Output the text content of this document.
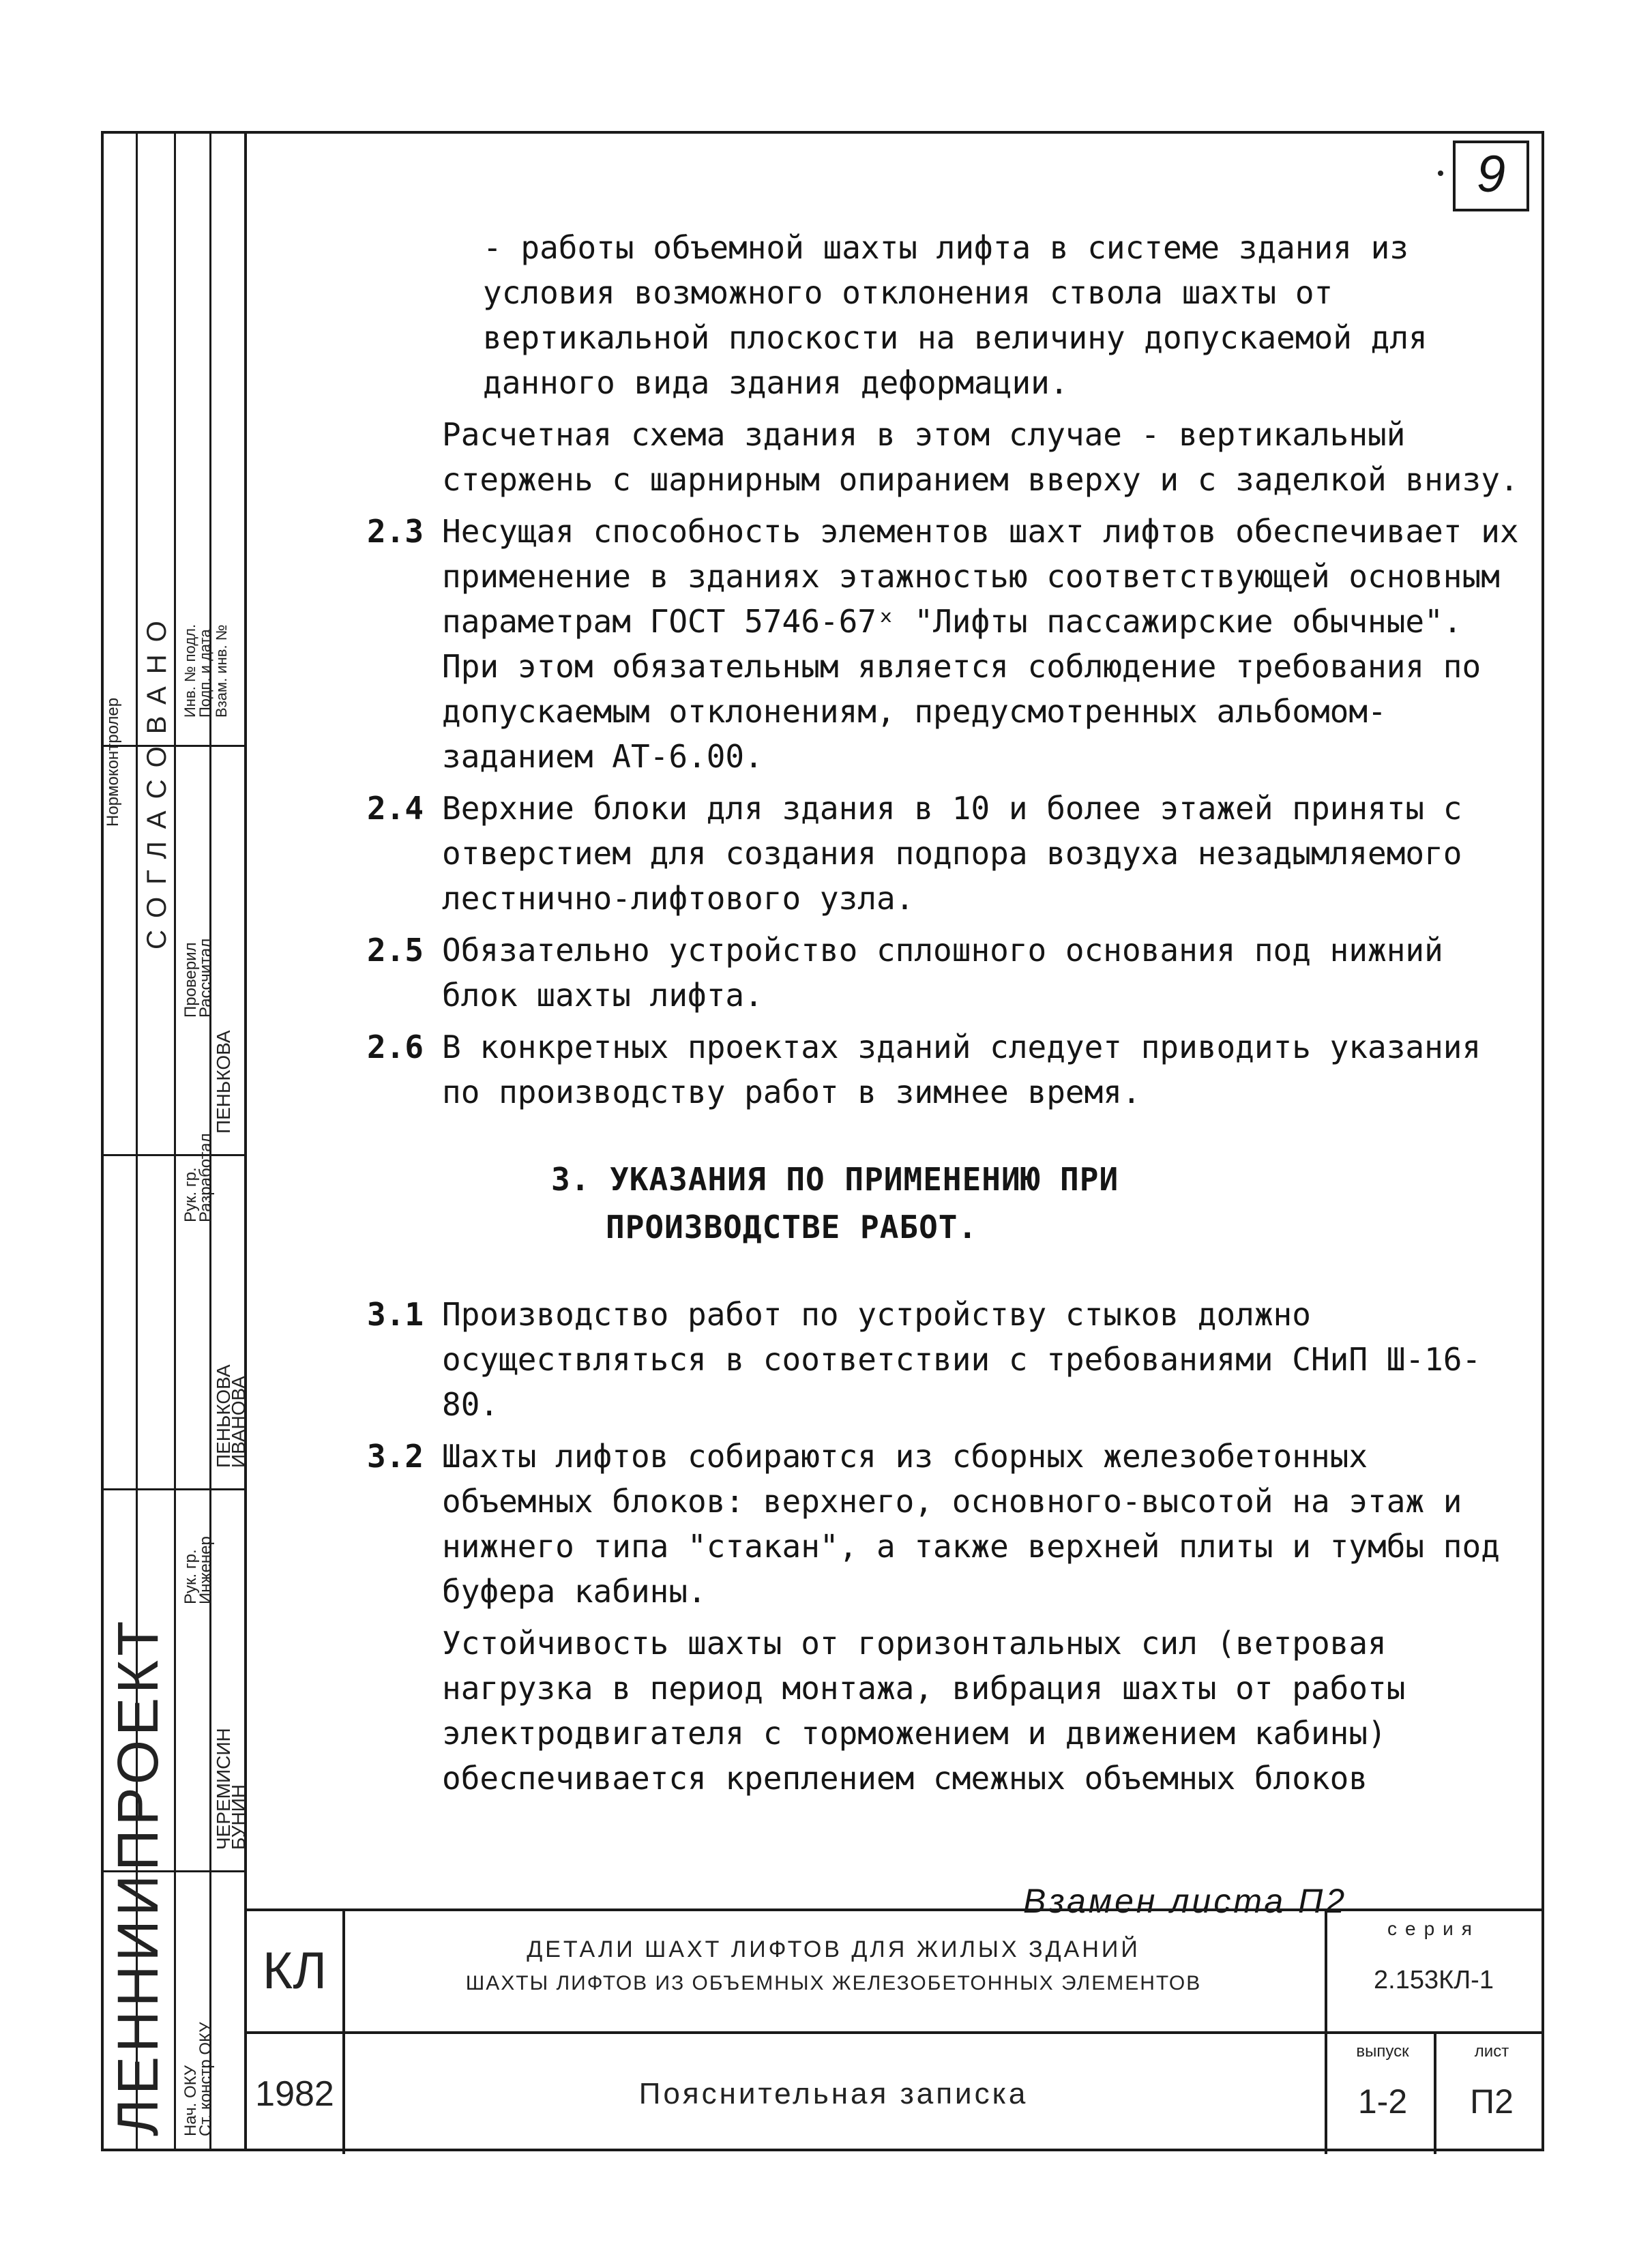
ЛЕННИИПРОЕКТ Нач. ОКУ
Ст. констр ОКУ
Рук. гр.
Инженер
Рук. гр.
Разработал
Проверил
Рассчитал
ЧЕРЕМИСИН
БУНИН
ПЕНЬКОВА
ИВАНОВА
ПЕНЬКОВА
СОГЛАСОВАНО
Нормоконтролер
Инв. № подл.
Подп. и дата Взам. инв. №
9

- работы объемной шахты лифта в системе здания из условия возможного отклонения ствола шахты от вертикальной плоскости на величину допускаемой для данного вида здания деформации.

Расчетная схема здания в этом случае - вертикальный стержень с шарнирным опиранием вверху и с заделкой внизу.

2.3 Несущая способность элементов шахт лифтов обеспечивает их применение в зданиях этажностью соответствующей основным параметрам ГОСТ 5746-67ˣ "Лифты пассажирские обычные". При этом обязательным является соблюдение требования по допускаемым отклонениям, предусмотренных альбомом-заданием АТ-6.00.

2.4 Верхние блоки для здания в 10 и более этажей приняты с отверстием для создания подпора воздуха незадымляемого лестнично-лифтового узла.

2.5 Обязательно устройство сплошного основания под нижний блок шахты лифта.

2.6 В конкретных проектах зданий следует приводить указания по производству работ в зимнее время.

3. УКАЗАНИЯ ПО ПРИМЕНЕНИЮ ПРИ
ПРОИЗВОДСТВЕ РАБОТ.

3.1 Производство работ по устройству стыков должно осуществляться в соответствии с требованиями СНиП Ш-16-80.

3.2 Шахты лифтов собираются из сборных железобетонных объемных блоков: верхнего, основного-высотой на этаж и нижнего типа "стакан", а также верхней плиты и тумбы под буфера кабины.

Устойчивость шахты от горизонтальных сил (ветровая нагрузка в период монтажа, вибрация шахты от работы электродвигателя с торможением и движением кабины) обеспечивается креплением смежных объемных блоков

Взамен листа П2
КЛ
1982
ДЕТАЛИ ШАХТ ЛИФТОВ ДЛЯ ЖИЛЫХ ЗДАНИЙ
ШАХТЫ ЛИФТОВ ИЗ ОБЪЕМНЫХ ЖЕЛЕЗОБЕТОННЫХ ЭЛЕМЕНТОВ
Пояснительная записка
серия
2.153КЛ-1
выпуск
1-2
лист
П2
